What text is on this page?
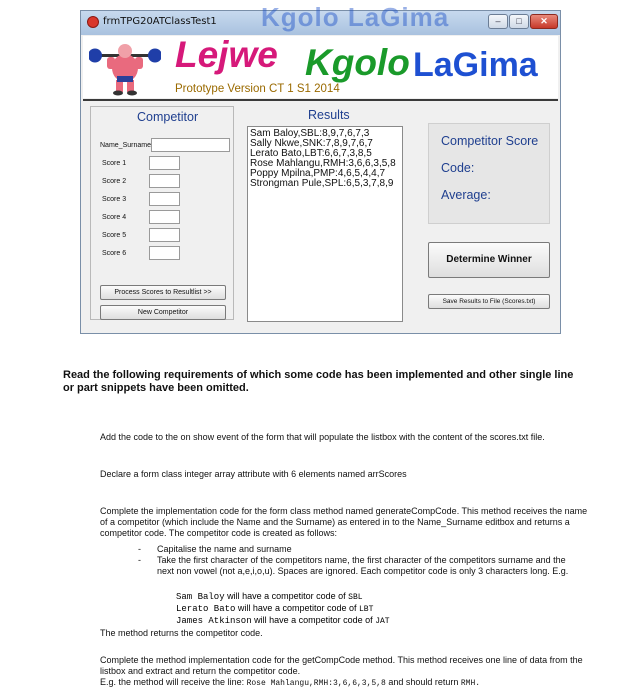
frmTPG20ATClassTest1 Kgolo LaGima	–	□	✕
Lejwe Kgolo LaGima
Prototype Version CT 1 S1 2014
Competitor
Name_Surname
Score 1
Score 2
Score 3
Score 4
Score 5
Score 6
Process Scores to Resultlist >>
New Competitor
Results
Sam Baloy,SBL:8,9,7,6,7,3
Sally Nkwe,SNK:7,8,9,7,6,7
Lerato Bato,LBT:6,6,7,3,8,5
Rose Mahlangu,RMH:3,6,6,3,5,8
Poppy Mpilna,PMP:4,6,5,4,4,7
Strongman Pule,SPL:6,5,3,7,8,9
Competitor Score
Code:
Average:
Determine Winner
Save Results to File (Scores.txt)
Read the following requirements of which some code has been implemented and other single line or part snippets have been omitted.
Add the code to the on show event of the form that will populate the listbox with the content of the scores.txt file.
Declare a form class integer array attribute with 6 elements named arrScores
Complete the implementation code for the form class method named generateCompCode. This method receives the name of a competitor (which include the Name and the Surname) as entered in to the Name_Surname editbox and returns a competitor code. The competitor code is created as follows:
- Capitalise the name and surname
- Take the first character of the competitors name, the first character of the competitors surname and the next non vowel (not a,e,i,o,u). Spaces are ignored. Each competitor code is only 3 characters long. E.g.
Sam Baloy will have a competitor code of SBL
Lerato Bato will have a competitor code of LBT
James Atkinson will have a competitor code of JAT
The method returns the competitor code.
Complete the method implementation code for the getCompCode method. This method receives one line of data from the listbox and extract and return the competitor code.
E.g. the method will receive the line: Rose Mahlangu,RMH:3,6,6,3,5,8 and should return RMH.
